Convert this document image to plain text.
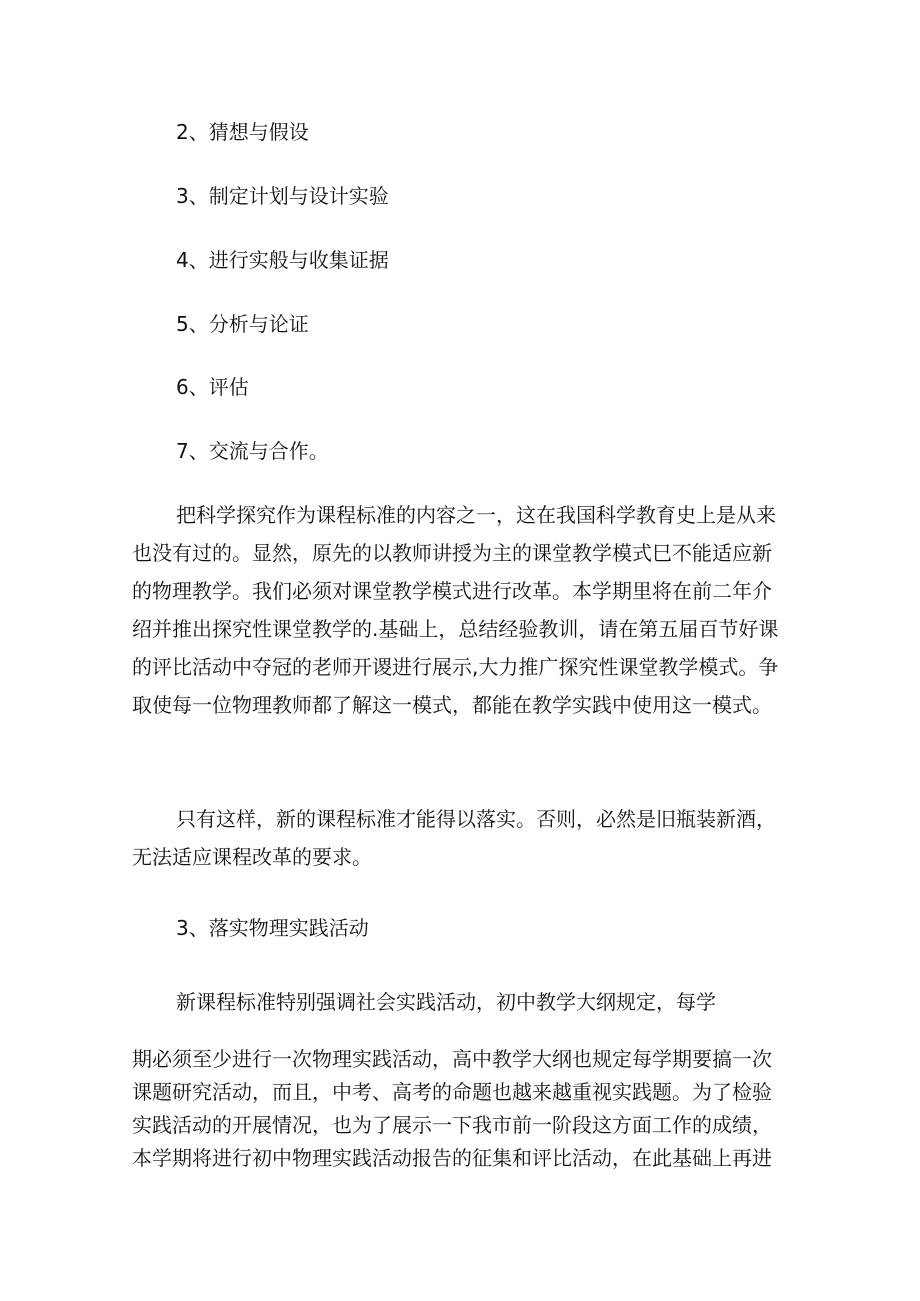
2、猜想与假设
3、制定计划与设计实验
4、进行实般与收集证据
5、分析与论证
6、评估
7、交流与合作。
把科学探究作为课程标准的内容之一，这在我国科学教育史上是从来
也没有过的。显然，原先的以教师讲授为主的课堂教学模式巳不能适应新
的物理教学。我们必须对课堂教学模式进行改革。本学期里将在前二年介
绍并推出探究性课堂教学的.基础上，总结经验教训，请在第五届百节好课
的评比活动中夺冠的老师开谡进行展示,大力推广探究性课堂教学模式。争
取使每一位物理教师都了解这一模式，都能在教学实践中使用这一模式。
只有这样，新的课程标准才能得以落实。否则，必然是旧瓶装新酒，
无法适应课程改革的要求。
3、落实物理实践活动
新课程标准特别强调社会实践活动，初中教学大纲规定，每学
期必须至少进行一次物理实践活动，高中教学大纲也规定每学期要搞一次
课题研究活动，而且，中考、高考的命题也越来越重视实践题。为了检验
实践活动的开展情况，也为了展示一下我市前一阶段这方面工作的成绩，
本学期将进行初中物理实践活动报告的征集和评比活动，在此基础上再进
